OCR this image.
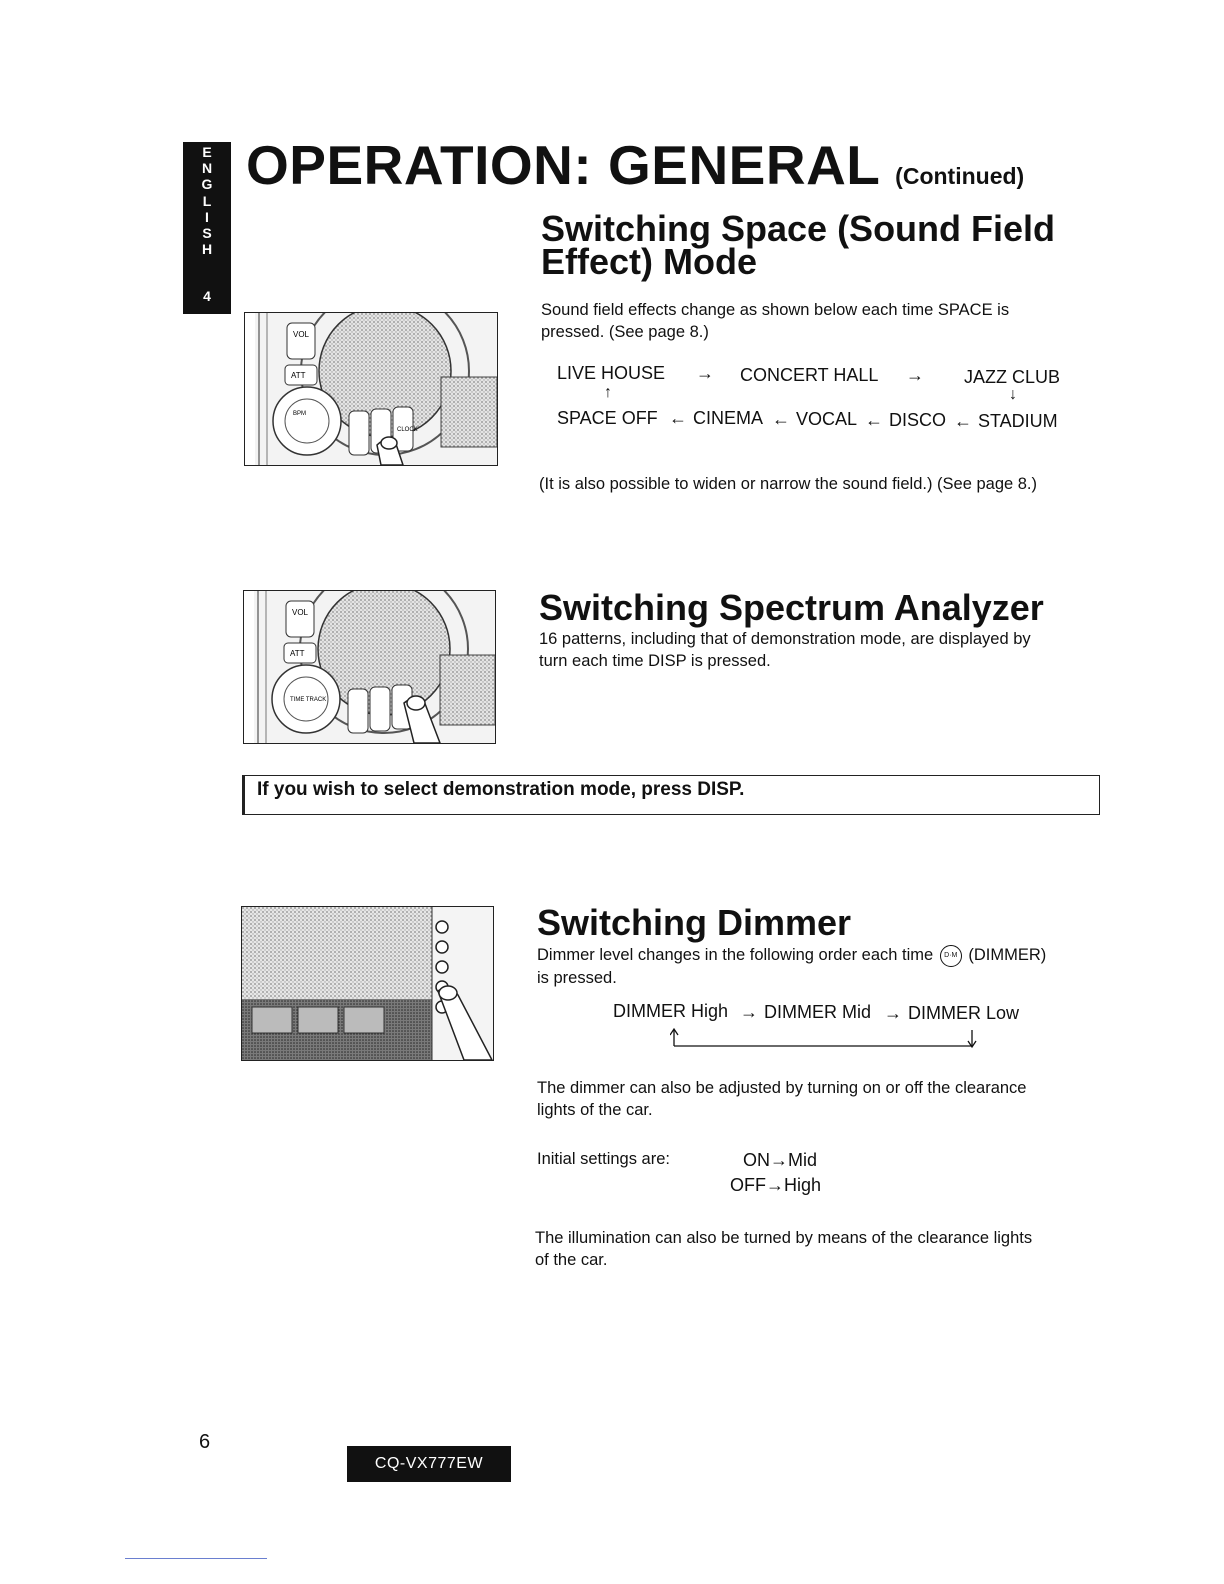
E
N
G
L
I
S
H
4
OPERATION: GENERAL (Continued)
Switching Space (Sound Field
Effect) Mode
Sound field effects change as shown below each time SPACE is
pressed. (See page 8.)
LIVE HOUSE → CONCERT HALL → JAZZ CLUB
↑	↓
SPACE OFF ← CINEMA ← VOCAL ← DISCO ← STADIUM
(It is also possible to widen or narrow the sound field.) (See page 8.)
VOL
ATT
BPM
CLOCK
Switching Spectrum Analyzer
16 patterns, including that of demonstration mode, are displayed by
turn each time DISP is pressed.
VOL
ATT
TIME TRACK
If you wish to select demonstration mode, press DISP.
Switching Dimmer
Dimmer level changes in the following order each time D·M (DIMMER)
is pressed.
DIMMER High → DIMMER Mid → DIMMER Low
The dimmer can also be adjusted by turning on or off the clearance
lights of the car.
Initial settings are:	ON→Mid
OFF→High
The illumination can also be turned by means of the clearance lights
of the car.
6
CQ-VX777EW
